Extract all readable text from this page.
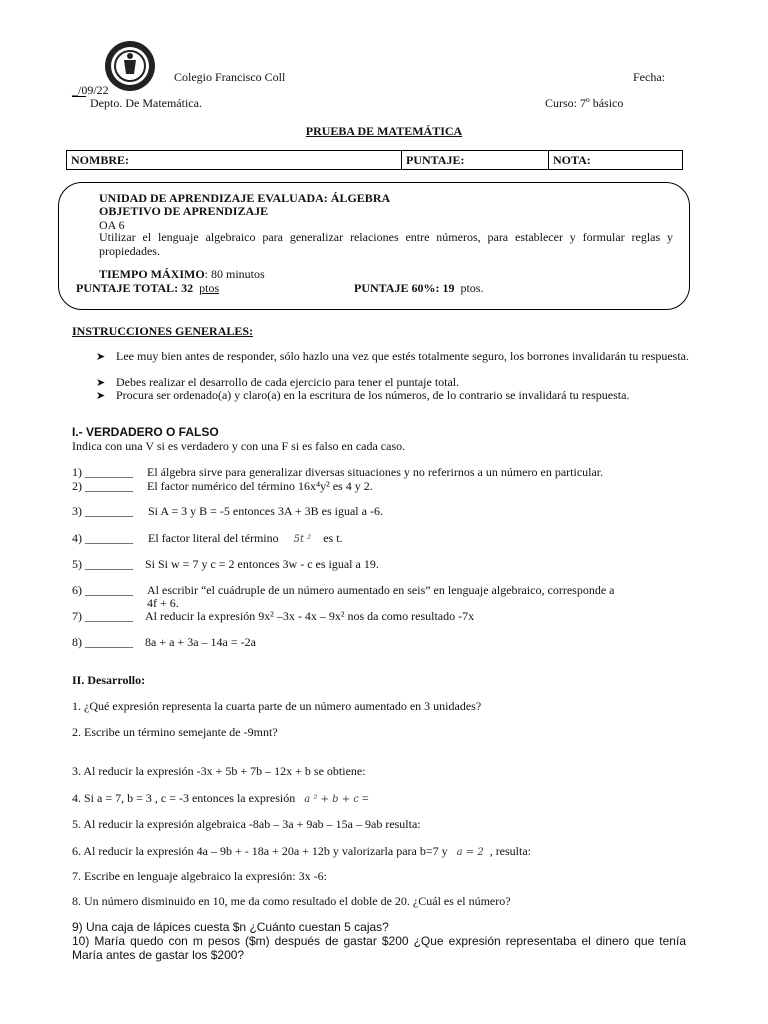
Colegio Francisco Coll	Fecha:
_/09/22
Depto. De Matemática.	Curso: 7º básico
PRUEBA DE MATEMÁTICA
NOMBRE:	PUNTAJE:	NOTA:
UNIDAD DE APRENDIZAJE EVALUADA: ÁLGEBRA
OBJETIVO DE APRENDIZAJE
OA 6
Utilizar el lenguaje algebraico para generalizar relaciones entre números, para establecer y formular reglas y propiedades.
TIEMPO MÁXIMO: 80 minutos
PUNTAJE TOTAL: 32 ptos	PUNTAJE 60%: 19 ptos.
INSTRUCCIONES GENERALES:
➤ Lee muy bien antes de responder, sólo hazlo una vez que estés totalmente seguro, los borrones invalidarán tu respuesta.
➤ Debes realizar el desarrollo de cada ejercicio para tener el puntaje total.
➤ Procura ser ordenado(a) y claro(a) en la escritura de los números, de lo contrario se invalidará tu respuesta.
I.- VERDADERO O FALSO
Indica con una V si es verdadero y con una F si es falso en cada caso.
1) ________ El álgebra sirve para generalizar diversas situaciones y no referirnos a un número en particular.
2) ________ El factor numérico del término 16x⁴y² es 4 y 2.
3) ________ Si A = 3 y B = -5 entonces 3A + 3B es igual a -6.
4) ________ El factor literal del término 5t ² es t.
5) ________ Si Si w = 7 y c = 2 entonces 3w - c es igual a 19.
6) ________ Al escribir “el cuádruple de un número aumentado en seis” en lenguaje algebraico, corresponde a
4f + 6.
7) ________ Al reducir la expresión 9x² –3x - 4x – 9x² nos da como resultado -7x
8) ________ 8a + a + 3a – 14a = -2a
II. Desarrollo:
1. ¿Qué expresión representa la cuarta parte de un número aumentado en 3 unidades?
2. Escribe un término semejante de -9mnt?
3. Al reducir la expresión -3x + 5b + 7b – 12x + b se obtiene:
4. Si a = 7, b = 3 , c = -3 entonces la expresión a ² + b + c =
5. Al reducir la expresión algebraica -8ab – 3a + 9ab – 15a – 9ab resulta:
6. Al reducir la expresión 4a – 9b + - 18a + 20a + 12b y valorizarla para b=7 y a = 2 , resulta:
7. Escribe en lenguaje algebraico la expresión: 3x -6:
8. Un número disminuido en 10, me da como resultado el doble de 20. ¿Cuál es el número?
9) Una caja de lápices cuesta $n ¿Cuánto cuestan 5 cajas?
10) María quedo con m pesos ($m) después de gastar $200 ¿Que expresión representaba el dinero que tenía María antes de gastar los $200?
